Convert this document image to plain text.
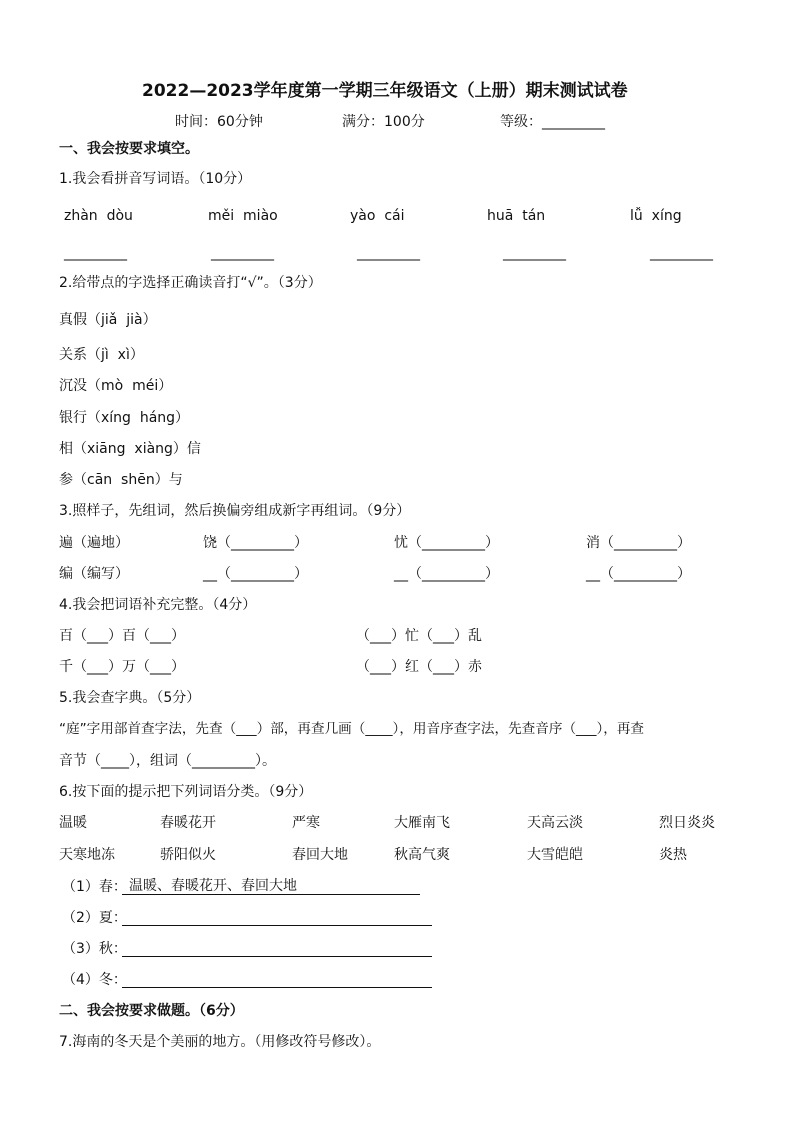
2022—2023学年度第一学期三年级语文（上册）期末测试试卷
时间：60分钟	满分：100分	等级：_________
一、我会按要求填空。
1.我会看拼音写词语。（10分）
zhàn  dòu	měi  miào	yào  cái	huā  tán	lǚ  xíng
_________	_________	_________	_________	_________
2.给带点的字选择正确读音打“√”。（3分）
真假（jiǎ  jià）
关系（jì  xì）
沉没（mò  méi）
银行（xíng  háng）
相（xiāng  xiàng）信
参（cān  shēn）与
3.照样子，先组词，然后换偏旁组成新字再组词。（9分）
遍（遍地）	饶（_________）	忧（_________）	消（_________）
编（编写）	__（_________）	__（_________）	__（_________）
4.我会把词语补充完整。（4分）
百（___）百（___）	（___）忙（___）乱
千（___）万（___）	（___）红（___）赤
5.我会查字典。（5分）
“庭”字用部首查字法，先查（___）部，再查几画（____），用音序查字法，先查音序（___），再查
音节（____），组词（_________）。
6.按下面的提示把下列词语分类。（9分）
温暖	春暖花开	严寒	大雁南飞	天高云淡	烈日炎炎
天寒地冻	骄阳似火	春回大地	秋高气爽	大雪皑皑	炎热
（1）春： 温暖、春暖花开、春回大地
（2）夏：
（3）秋：
（4）冬：
二、我会按要求做题。（6分）
7.海南的冬天是个美丽的地方。（用修改符号修改）。
